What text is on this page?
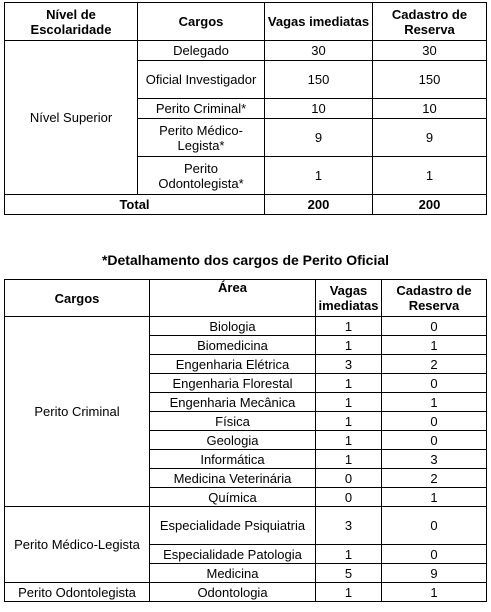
Nível de Escolaridade	Cargos	Vagas imediatas	Cadastro de Reserva
Nível Superior	Delegado	30	30
	Oficial Investigador	150	150
	Perito Criminal*	10	10
	Perito Médico-Legista*	9	9
	Perito Odontolegista*	1	1
Total		200	200
*Detalhamento dos cargos de Perito Oficial
Cargos	Área	Vagas imediatas	Cadastro de Reserva
Perito Criminal	Biologia	1	0
	Biomedicina	1	1
	Engenharia Elétrica	3	2
	Engenharia Florestal	1	0
	Engenharia Mecânica	1	1
	Física	1	0
	Geologia	1	0
	Informática	1	3
	Medicina Veterinária	0	2
	Química	0	1
Perito Médico-Legista	Especialidade Psiquiatria	3	0
	Especialidade Patologia	1	0
	Medicina	5	9
Perito Odontolegista	Odontologia	1	1
